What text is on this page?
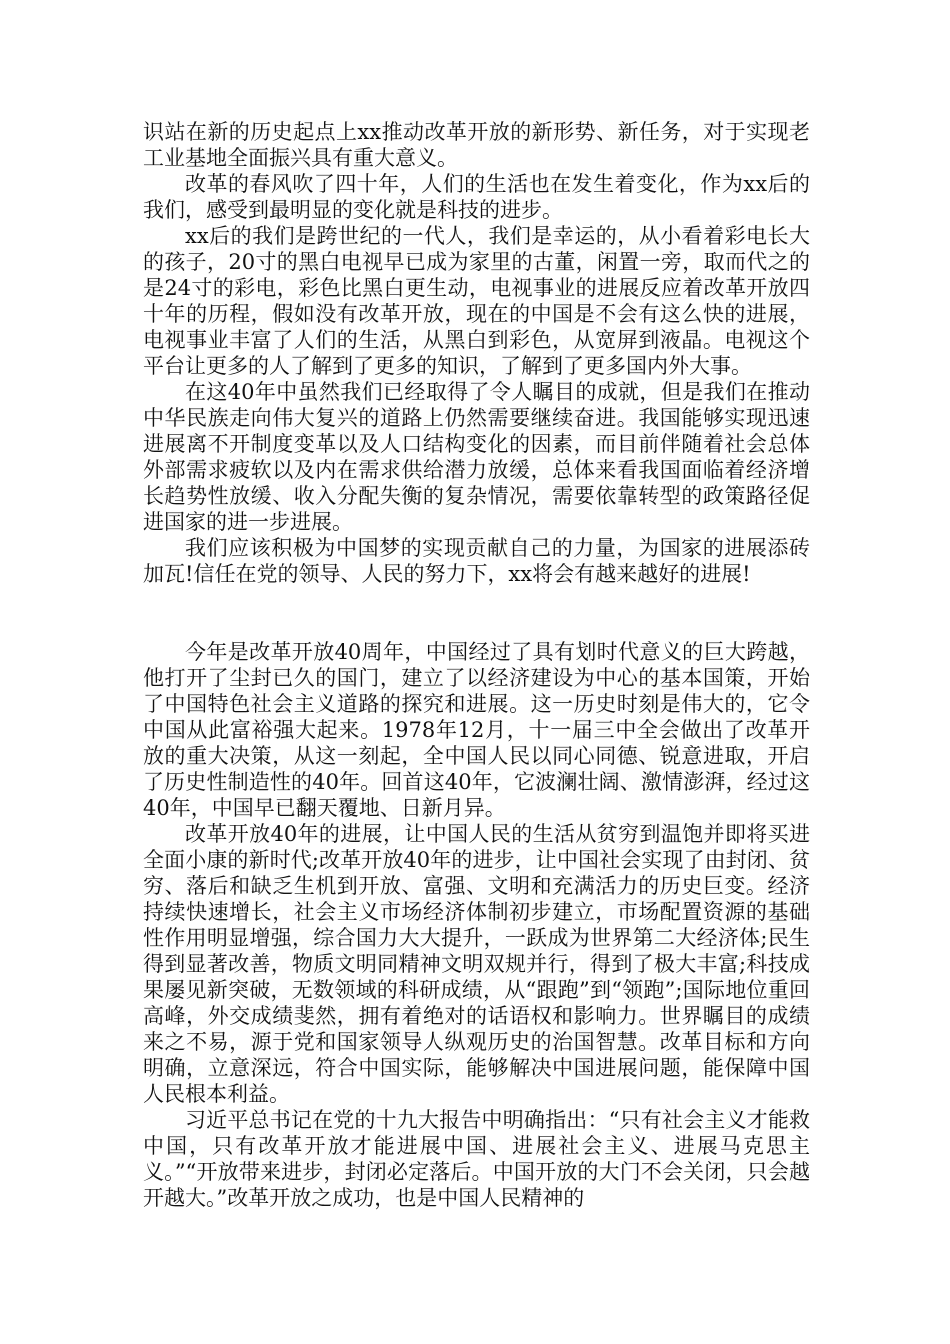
识站在新的历史起点上xx推动改革开放的新形势、新任务，对于实现老工业基地全面振兴具有重大意义。

改革的春风吹了四十年，人们的生活也在发生着变化，作为xx后的我们，感受到最明显的变化就是科技的进步。

xx后的我们是跨世纪的一代人，我们是幸运的，从小看着彩电长大的孩子，20寸的黑白电视早已成为家里的古董，闲置一旁，取而代之的是24寸的彩电，彩色比黑白更生动，电视事业的进展反应着改革开放四十年的历程，假如没有改革开放，现在的中国是不会有这么快的进展，电视事业丰富了人们的生活，从黑白到彩色，从宽屏到液晶。电视这个平台让更多的人了解到了更多的知识，了解到了更多国内外大事。

在这40年中虽然我们已经取得了令人瞩目的成就，但是我们在推动中华民族走向伟大复兴的道路上仍然需要继续奋进。我国能够实现迅速进展离不开制度变革以及人口结构变化的因素，而目前伴随着社会总体外部需求疲软以及内在需求供给潜力放缓，总体来看我国面临着经济增长趋势性放缓、收入分配失衡的复杂情况，需要依靠转型的政策路径促进国家的进一步进展。

我们应该积极为中国梦的实现贡献自己的力量，为国家的进展添砖加瓦!信任在党的领导、人民的努力下，xx将会有越来越好的进展!

今年是改革开放40周年，中国经过了具有划时代意义的巨大跨越，他打开了尘封已久的国门，建立了以经济建设为中心的基本国策，开始了中国特色社会主义道路的探究和进展。这一历史时刻是伟大的，它令中国从此富裕强大起来。1978年12月，十一届三中全会做出了改革开放的重大决策，从这一刻起，全中国人民以同心同德、锐意进取，开启了历史性制造性的40年。回首这40年，它波澜壮阔、激情澎湃，经过这40年，中国早已翻天覆地、日新月异。

改革开放40年的进展，让中国人民的生活从贫穷到温饱并即将买进全面小康的新时代;改革开放40年的进步，让中国社会实现了由封闭、贫穷、落后和缺乏生机到开放、富强、文明和充满活力的历史巨变。经济持续快速增长，社会主义市场经济体制初步建立，市场配置资源的基础性作用明显增强，综合国力大大提升，一跃成为世界第二大经济体;民生得到显著改善，物质文明同精神文明双规并行，得到了极大丰富;科技成果屡见新突破，无数领域的科研成绩，从“跟跑”到“领跑”;国际地位重回高峰，外交成绩斐然，拥有着绝对的话语权和影响力。世界瞩目的成绩来之不易，源于党和国家领导人纵观历史的治国智慧。改革目标和方向明确，立意深远，符合中国实际，能够解决中国进展问题，能保障中国人民根本利益。

习近平总书记在党的十九大报告中明确指出：“只有社会主义才能救中国，只有改革开放才能进展中国、进展社会主义、进展马克思主义。”“开放带来进步，封闭必定落后。中国开放的大门不会关闭，只会越开越大。”改革开放之成功，也是中国人民精神的
